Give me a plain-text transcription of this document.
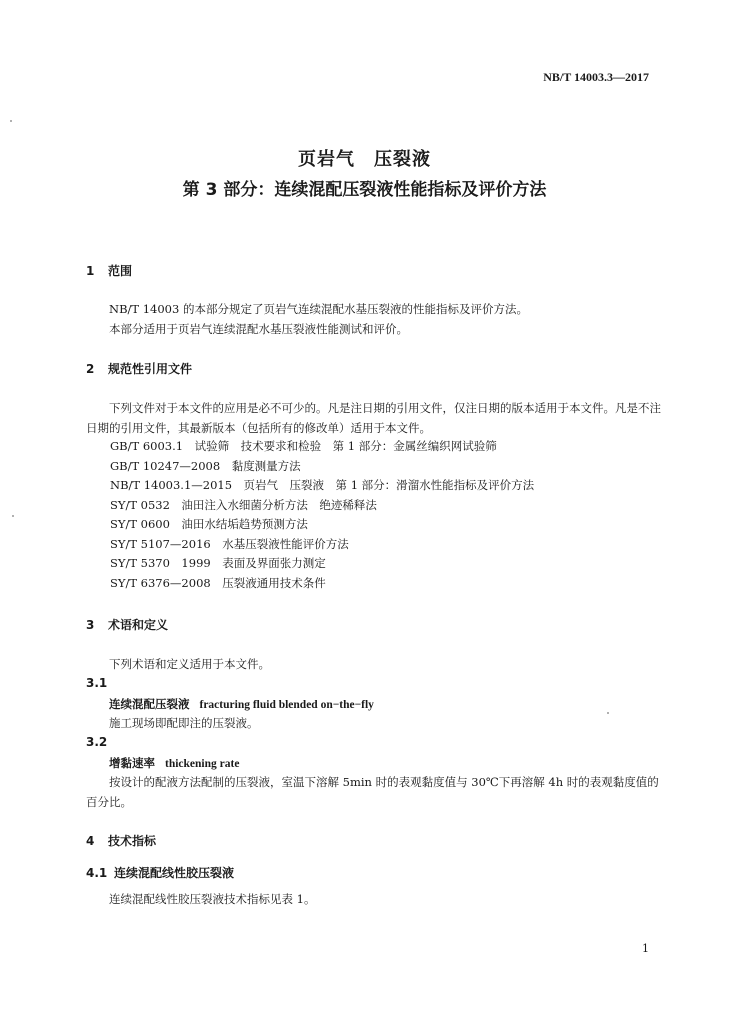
NB/T 14003.3—2017
页岩气　压裂液
第 3 部分：连续混配压裂液性能指标及评价方法
1 范围
NB/T 14003 的本部分规定了页岩气连续混配水基压裂液的性能指标及评价方法。
本部分适用于页岩气连续混配水基压裂液性能测试和评价。
2 规范性引用文件
下列文件对于本文件的应用是必不可少的。凡是注日期的引用文件，仅注日期的版本适用于本文件。凡是不注日期的引用文件，其最新版本（包括所有的修改单）适用于本文件。
GB/T 6003.1　试验筛　技术要求和检验　第 1 部分：金属丝编织网试验筛
GB/T 10247—2008　黏度测量方法
NB/T 14003.1—2015　页岩气　压裂液　第 1 部分：滑溜水性能指标及评价方法
SY/T 0532　油田注入水细菌分析方法　绝迹稀释法
SY/T 0600　油田水结垢趋势预测方法
SY/T 5107—2016　水基压裂液性能评价方法
SY/T 5370　1999　表面及界面张力测定
SY/T 6376—2008　压裂液通用技术条件
3 术语和定义
下列术语和定义适用于本文件。
3.1
连续混配压裂液 fracturing fluid blended on−the−fly
施工现场即配即注的压裂液。
3.2
增黏速率 thickening rate
按设计的配液方法配制的压裂液，室温下溶解 5min 时的表观黏度值与 30℃下再溶解 4h 时的表观黏度值的百分比。
4 技术指标
4.1 连续混配线性胶压裂液
连续混配线性胶压裂液技术指标见表 1。
1
